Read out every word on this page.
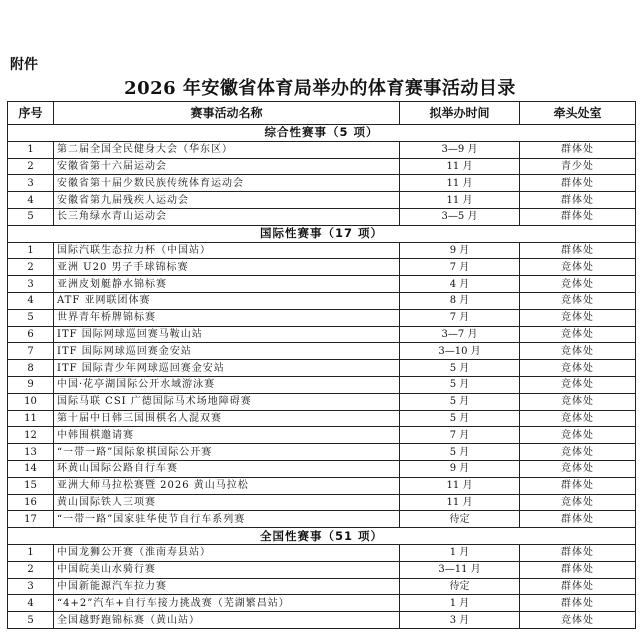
附件
2026 年安徽省体育局举办的体育赛事活动目录
序号	赛事活动名称	拟举办时间	牵头处室
综合性赛事（5 项）			
1	第二届全国全民健身大会（华东区）	3—9 月	群体处
2	安徽省第十六届运动会	11 月	青少处
3	安徽省第十届少数民族传统体育运动会	11 月	群体处
4	安徽省第九届残疾人运动会	11 月	群体处
5	长三角绿水青山运动会	3—5 月	群体处
国际性赛事（17 项）			
1	国际汽联生态拉力杯（中国站）	9 月	群体处
2	亚洲 U20 男子手球锦标赛	7 月	竞体处
3	亚洲皮划艇静水锦标赛	4 月	竞体处
4	ATF 亚网联团体赛	8 月	竞体处
5	世界青年桥牌锦标赛	7 月	竞体处
6	ITF 国际网球巡回赛马鞍山站	3—7 月	竞体处
7	ITF 国际网球巡回赛金安站	3—10 月	竞体处
8	ITF 国际青少年网球巡回赛金安站	5 月	竞体处
9	中国·花亭湖国际公开水域游泳赛	5 月	竞体处
10	国际马联 CSI 广德国际马术场地障碍赛	5 月	竞体处
11	第十届中日韩三国围棋名人混双赛	5 月	竞体处
12	中韩围棋邀请赛	7 月	竞体处
13	“一带一路”国际象棋国际公开赛	5 月	竞体处
14	环黄山国际公路自行车赛	9 月	竞体处
15	亚洲大师马拉松赛暨 2026 黄山马拉松	11 月	群体处
16	黄山国际铁人三项赛	11 月	竞体处
17	“一带一路”国家驻华使节自行车系列赛	待定	群体处
全国性赛事（51 项）			
1	中国龙狮公开赛（淮南寿县站）	1 月	群体处
2	中国皖美山水骑行赛	3—11 月	群体处
3	中国新能源汽车拉力赛	待定	群体处
4	“4+2”汽车+自行车接力挑战赛（芜湖繁昌站）	1 月	群体处
5	全国越野跑锦标赛（黄山站）	3 月	竞体处
